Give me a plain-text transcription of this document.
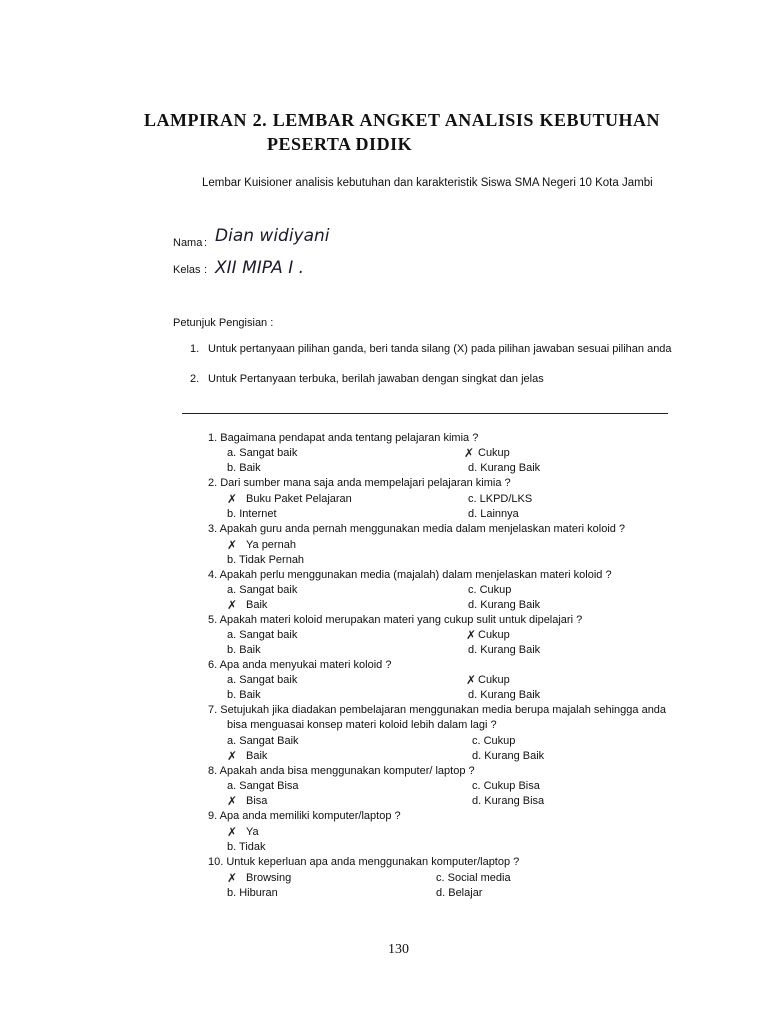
LAMPIRAN 2. LEMBAR ANGKET ANALISIS KEBUTUHAN
PESERTA DIDIK
Lembar Kuisioner analisis kebutuhan dan karakteristik Siswa SMA Negeri 10 Kota Jambi
Nama : Dian widiyani
Kelas : XII MIPA I .
Petunjuk Pengisian :
1. Untuk pertanyaan pilihan ganda, beri tanda silang (X) pada pilihan jawaban sesuai pilihan anda
2. Untuk Pertanyaan terbuka, berilah jawaban dengan singkat dan jelas
1. Bagaimana pendapat anda tentang pelajaran kimia ?
a. Sangat baik	✗ Cukup
b. Baik	d. Kurang Baik
2. Dari sumber mana saja anda mempelajari pelajaran kimia ?
✗ Buku Paket Pelajaran	c. LKPD/LKS
b. Internet	d. Lainnya
3. Apakah guru anda pernah menggunakan media dalam menjelaskan materi koloid ?
✗ Ya pernah
b. Tidak Pernah
4. Apakah perlu menggunakan media (majalah) dalam menjelaskan materi koloid ?
a. Sangat baik	c. Cukup
✗ Baik	d. Kurang Baik
5. Apakah materi koloid merupakan materi yang cukup sulit untuk dipelajari ?
a. Sangat baik	✗ Cukup
b. Baik	d. Kurang Baik
6. Apa anda menyukai materi koloid ?
a. Sangat baik	✗ Cukup
b. Baik	d. Kurang Baik
7. Setujukah jika diadakan pembelajaran menggunakan media berupa majalah sehingga anda
bisa menguasai konsep materi koloid lebih dalam lagi ?
a. Sangat Baik	c. Cukup
✗ Baik	d. Kurang Baik
8. Apakah anda bisa menggunakan komputer/ laptop ?
a. Sangat Bisa	c. Cukup Bisa
✗ Bisa	d. Kurang Bisa
9. Apa anda memiliki komputer/laptop ?
✗ Ya
b. Tidak
10. Untuk keperluan apa anda menggunakan komputer/laptop ?
✗ Browsing	c. Social media
b. Hiburan	d. Belajar
130
